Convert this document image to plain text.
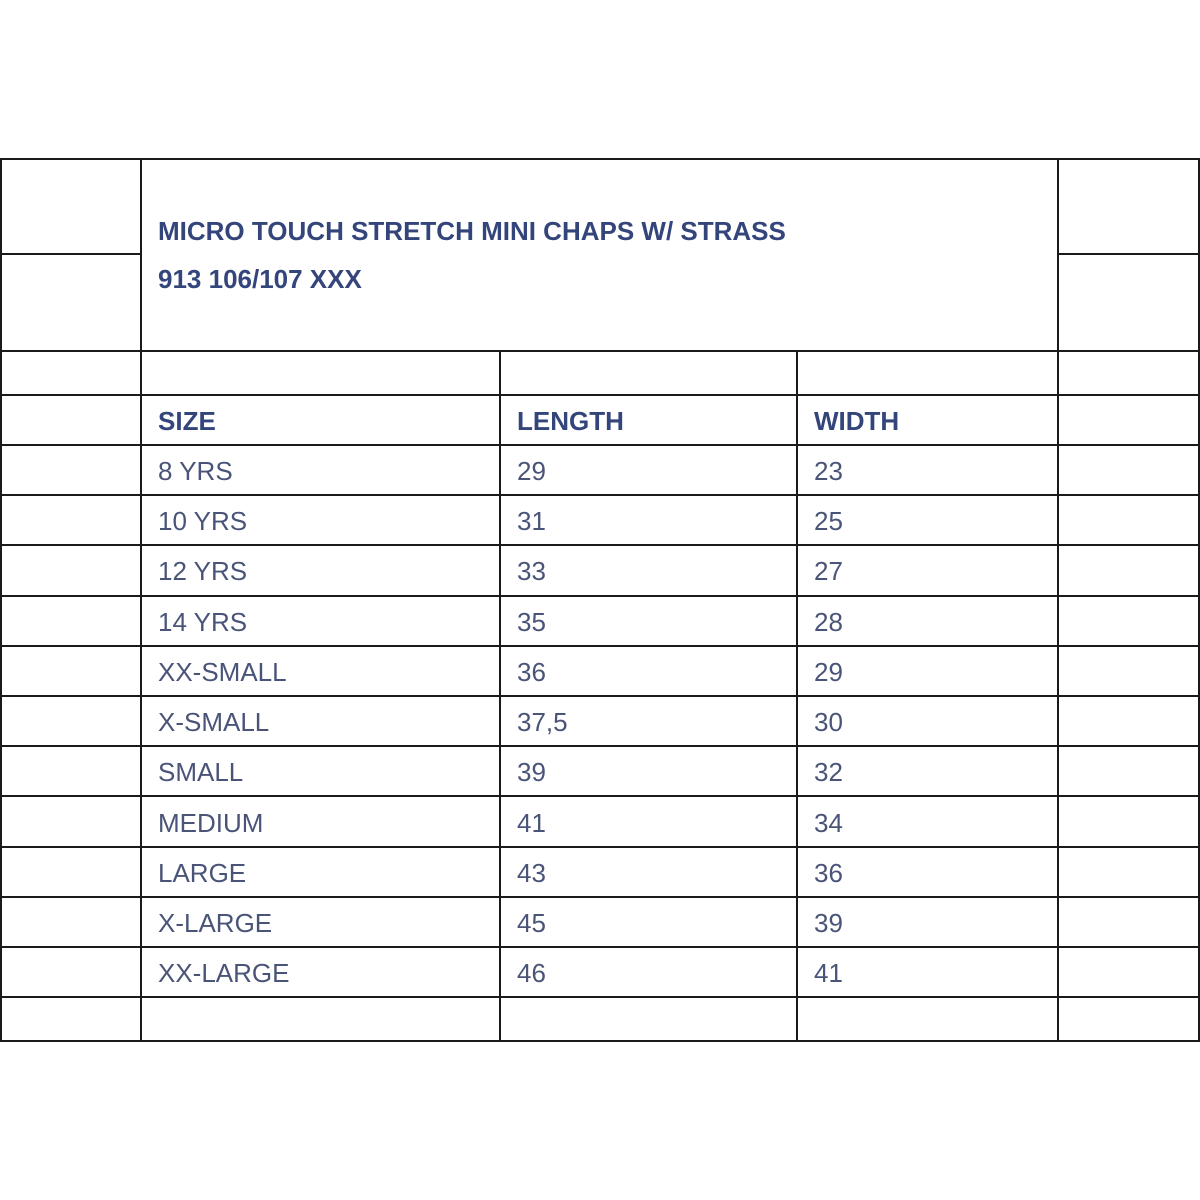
MICRO TOUCH STRETCH MINI CHAPS W/ STRASS
913 106/107 XXX
SIZE	LENGTH	WIDTH
8 YRS	29	23
10 YRS	31	25
12 YRS	33	27
14 YRS	35	28
XX-SMALL	36	29
X-SMALL	37,5	30
SMALL	39	32
MEDIUM	41	34
LARGE	43	36
X-LARGE	45	39
XX-LARGE	46	41
